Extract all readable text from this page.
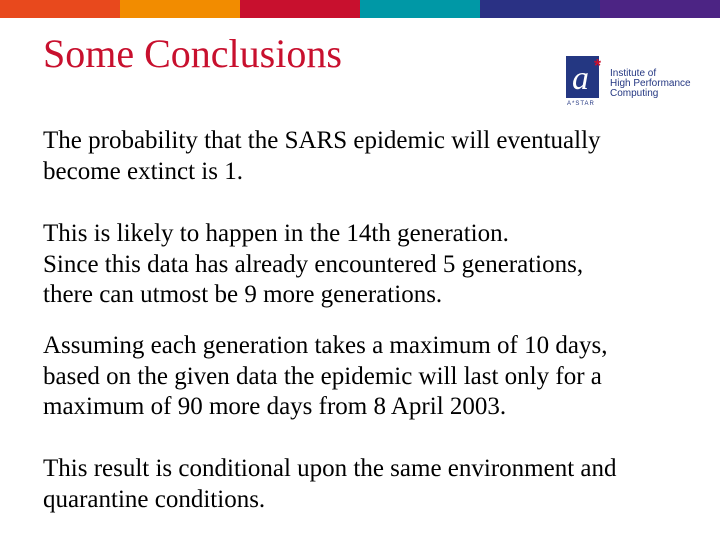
Some Conclusions
a *
A*STAR
Institute of
High Performance
Computing

The probability that the SARS epidemic will eventually
become extinct is 1.

This is likely to happen in the 14th generation.
Since this data has already encountered 5 generations,
there can utmost be 9 more generations.

Assuming each generation takes a maximum of 10 days,
based on the given data the epidemic will last only for a
maximum of 90 more days from 8 April 2003.

This result is conditional upon the same environment and
quarantine conditions.
